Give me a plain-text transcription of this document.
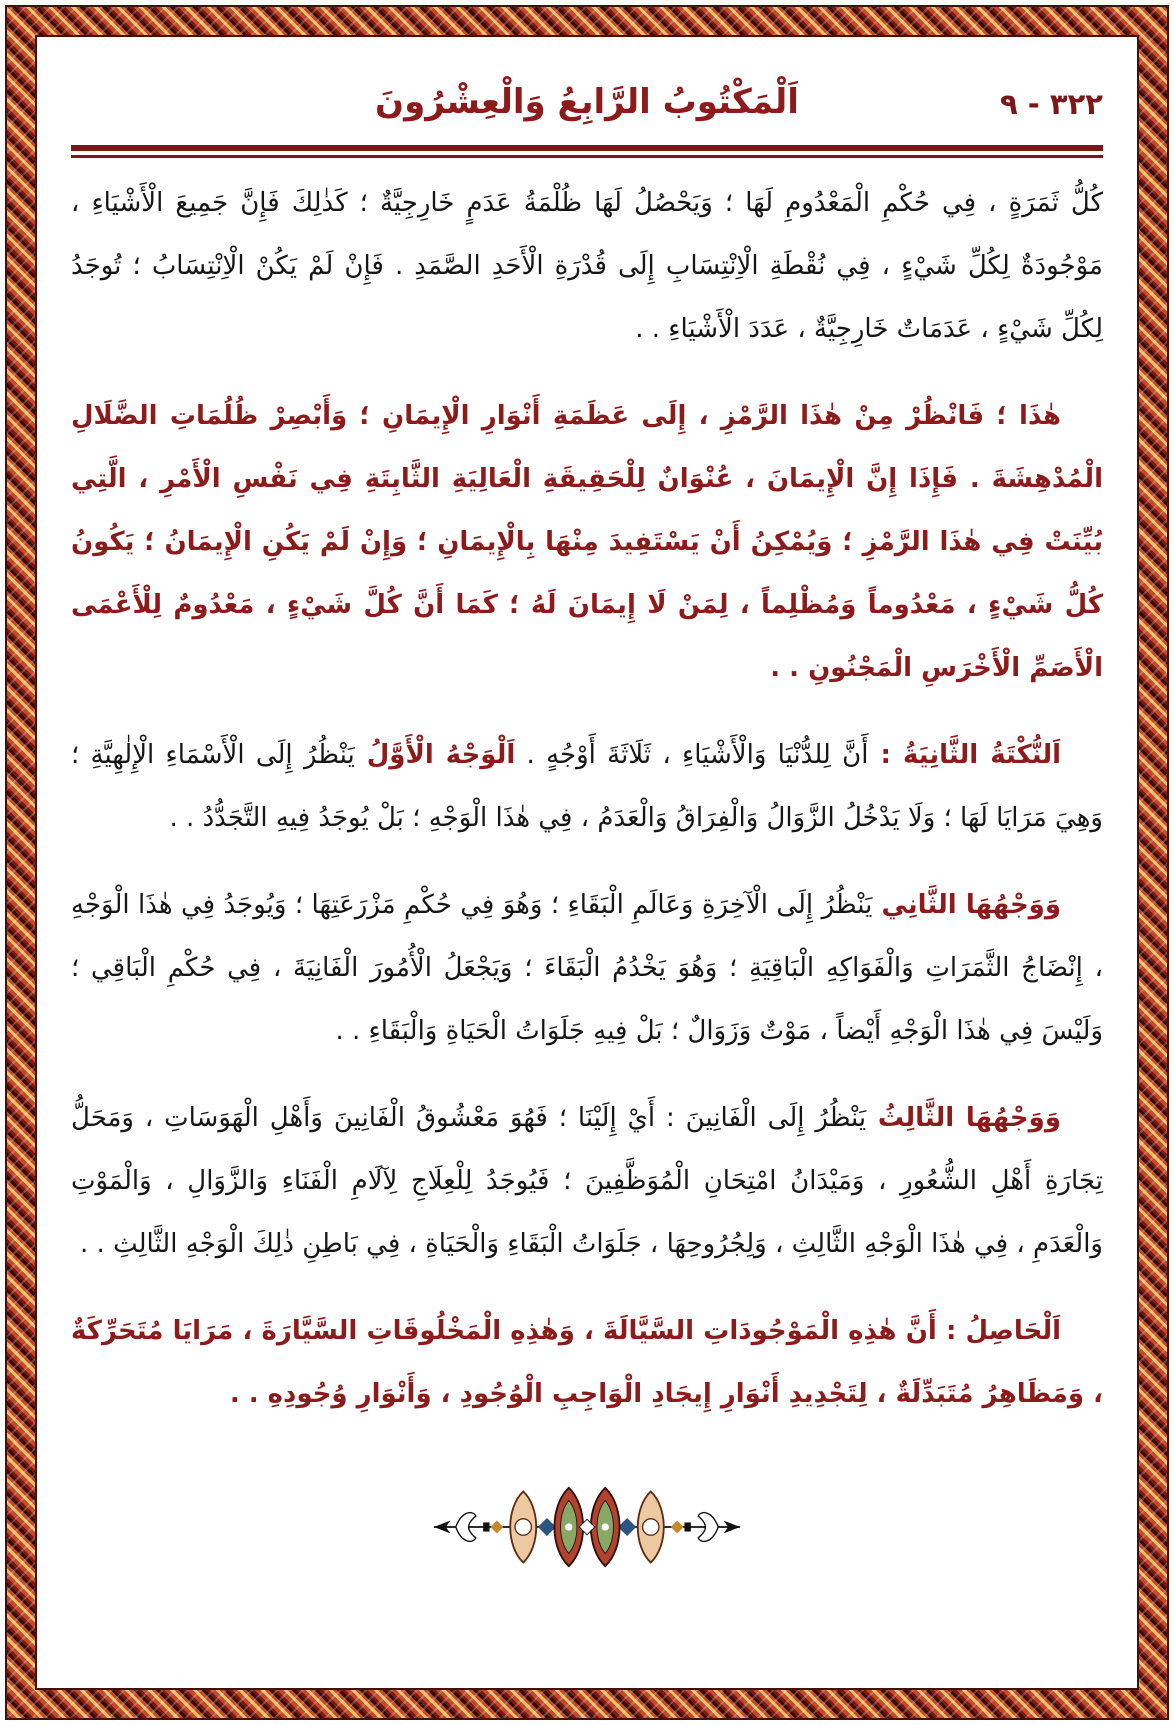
اَلْمَكْتُوبُ الرَّابِعُ وَالْعِشْرُونَ	٣٢٢ - ٩

كُلُّ ثَمَرَةٍ ، فِي حُكْمِ الْمَعْدُومِ لَهَا ؛ وَيَحْصُلُ لَهَا ظُلْمَةُ عَدَمٍ خَارِجِيَّةٌ ؛ كَذٰلِكَ فَإِنَّ جَمِيعَ الْأَشْيَاءِ ، مَوْجُودَةٌ لِكُلِّ شَيْءٍ ، فِي نُقْطَةِ الْاِنْتِسَابِ إِلَى قُدْرَةِ الْأَحَدِ الصَّمَدِ . فَإِنْ لَمْ يَكُنْ الْاِنْتِسَابُ ؛ تُوجَدُ لِكُلِّ شَيْءٍ ، عَدَمَاتٌ خَارِجِيَّةٌ ، عَدَدَ الْأَشْيَاءِ . .

هٰذَا ؛ فَانْظُرْ مِنْ هٰذَا الرَّمْزِ ، إِلَى عَظَمَةِ أَنْوَارِ الْإِيمَانِ ؛ وَأَبْصِرْ ظُلُمَاتِ الضَّلَالِ الْمُدْهِشَةَ . فَإِذَا إِنَّ الْإِيمَانَ ، عُنْوَانٌ لِلْحَقِيقَةِ الْعَالِيَةِ الثَّابِتَةِ فِي نَفْسِ الْأَمْرِ ، الَّتِي بُيِّنَتْ فِي هٰذَا الرَّمْزِ ؛ وَيُمْكِنُ أَنْ يَسْتَفِيدَ مِنْهَا بِالْإِيمَانِ ؛ وَإِنْ لَمْ يَكُنِ الْإِيمَانُ ؛ يَكُونُ كُلُّ شَيْءٍ ، مَعْدُوماً وَمُظْلِماً ، لِمَنْ لَا إِيمَانَ لَهُ ؛ كَمَا أَنَّ كُلَّ شَيْءٍ ، مَعْدُومٌ لِلْأَعْمَى الْأَصَمِّ الْأَخْرَسِ الْمَجْنُونِ . .

اَلنُّكْتَةُ الثَّانِيَةُ : أَنَّ لِلدُّنْيَا وَالْأَشْيَاءِ ، ثَلَاثَةَ أَوْجُهٍ . اَلْوَجْهُ الْأَوَّلُ يَنْظُرُ إِلَى الْأَسْمَاءِ الْإِلٰهِيَّةِ ؛ وَهِيَ مَرَايَا لَهَا ؛ وَلَا يَدْخُلُ الزَّوَالُ وَالْفِرَاقُ وَالْعَدَمُ ، فِي هٰذَا الْوَجْهِ ؛ بَلْ يُوجَدُ فِيهِ التَّجَدُّدُ . .

وَوَجْهُهَا الثَّانِي يَنْظُرُ إِلَى الْآخِرَةِ وَعَالَمِ الْبَقَاءِ ؛ وَهُوَ فِي حُكْمِ مَزْرَعَتِهَا ؛ وَيُوجَدُ فِي هٰذَا الْوَجْهِ ، إِنْضَاجُ الثَّمَرَاتِ وَالْفَوَاكِهِ الْبَاقِيَةِ ؛ وَهُوَ يَخْدُمُ الْبَقَاءَ ؛ وَيَجْعَلُ الْأُمُورَ الْفَانِيَةَ ، فِي حُكْمِ الْبَاقِي ؛ وَلَيْسَ فِي هٰذَا الْوَجْهِ أَيْضاً ، مَوْتٌ وَزَوَالٌ ؛ بَلْ فِيهِ جَلَوَاتُ الْحَيَاةِ وَالْبَقَاءِ . .

وَوَجْهُهَا الثَّالِثُ يَنْظُرُ إِلَى الْفَانِينَ : أَيْ إِلَيْنَا ؛ فَهُوَ مَعْشُوقُ الْفَانِينَ وَأَهْلِ الْهَوَسَاتِ ، وَمَحَلُّ تِجَارَةِ أَهْلِ الشُّعُورِ ، وَمَيْدَانُ امْتِحَانِ الْمُوَظَّفِينَ ؛ فَيُوجَدُ لِلْعِلَاجِ لِآلَامِ الْفَنَاءِ وَالزَّوَالِ ، وَالْمَوْتِ وَالْعَدَمِ ، فِي هٰذَا الْوَجْهِ الثَّالِثِ ، وَلِجُرُوحِهَا ، جَلَوَاتُ الْبَقَاءِ وَالْحَيَاةِ ، فِي بَاطِنِ ذٰلِكَ الْوَجْهِ الثَّالِثِ . .

اَلْحَاصِلُ : أَنَّ هٰذِهِ الْمَوْجُودَاتِ السَّيَّالَةَ ، وَهٰذِهِ الْمَخْلُوقَاتِ السَّيَّارَةَ ، مَرَايَا مُتَحَرِّكَةٌ ، وَمَظَاهِرُ مُتَبَدِّلَةٌ ، لِتَجْدِيدِ أَنْوَارِ إِيجَادِ الْوَاجِبِ الْوُجُودِ ، وَأَنْوَارِ وُجُودِهِ . .
